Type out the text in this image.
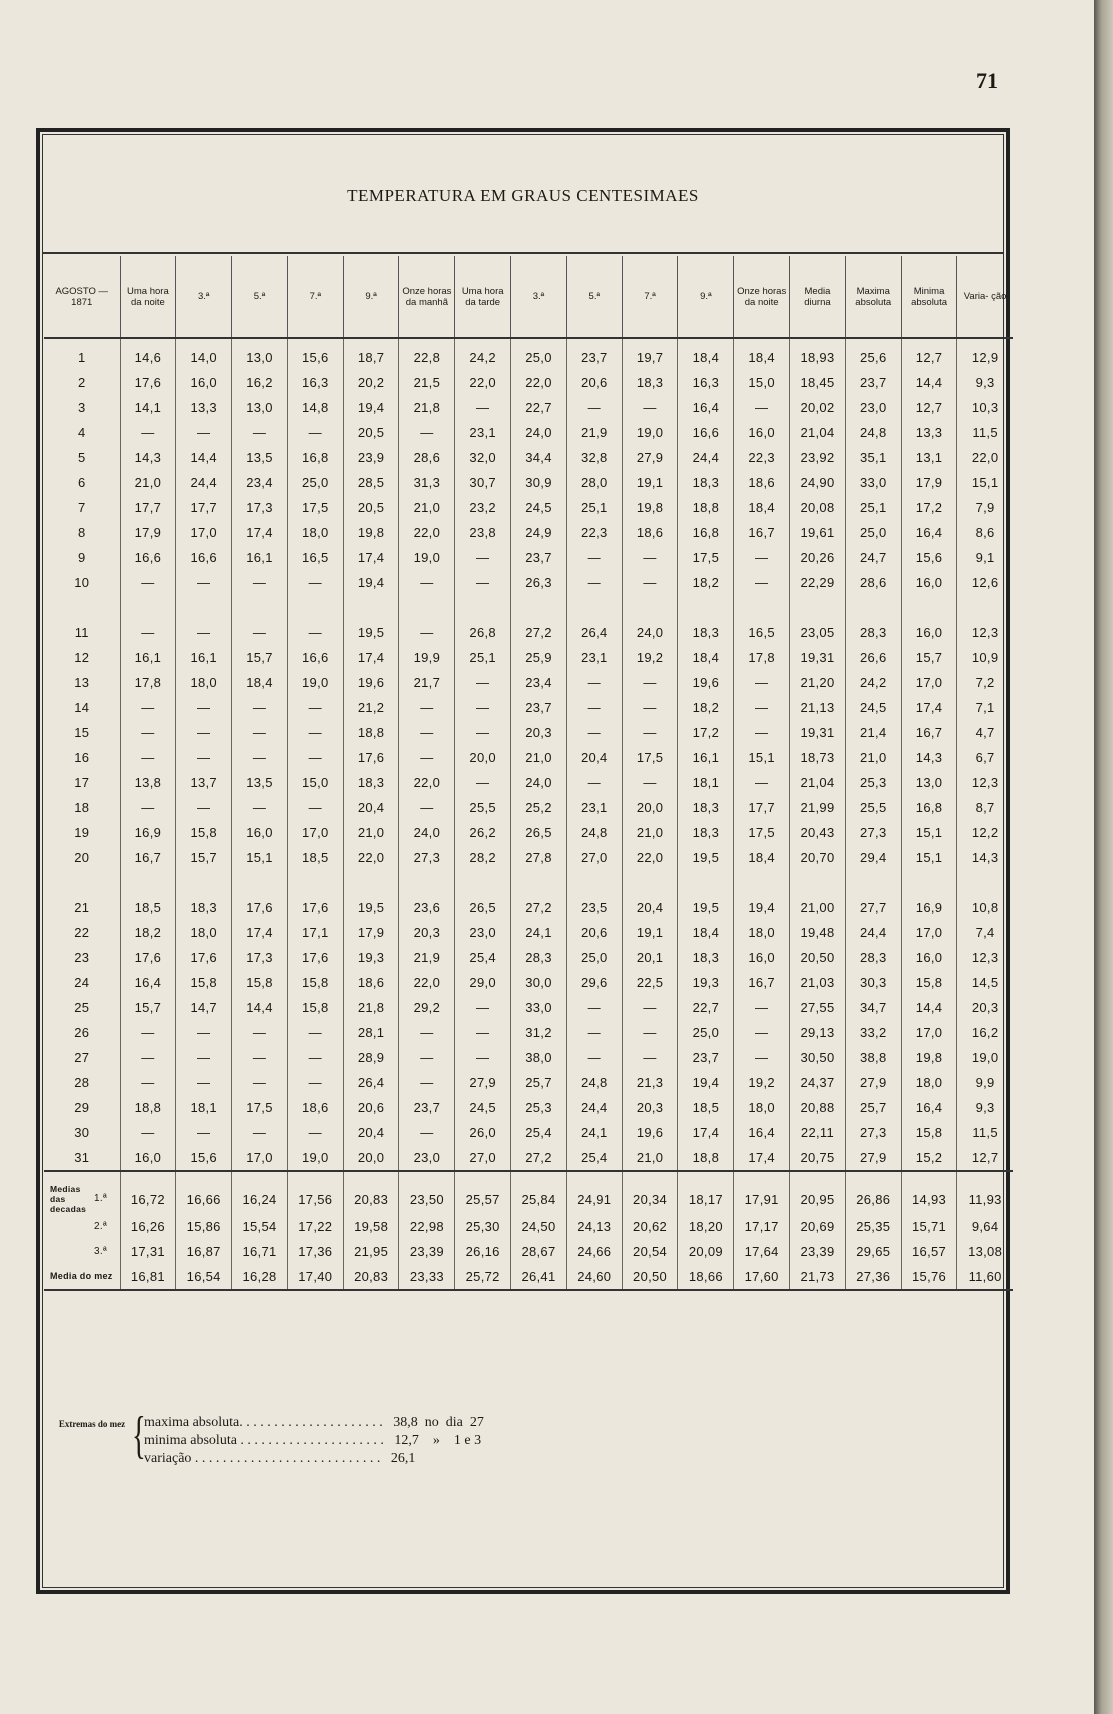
71
TEMPERATURA EM GRAUS CENTESIMAES
AGOSTO — 1871	Uma hora da noite	3.ª	5.ª	7.ª	9.ª	Onze horas da manhã	Uma hora da tarde	3.ª	5.ª	7.ª	9.ª	Onze horas da noite	Media diurna	Maxima absoluta	Minima absoluta	Varia- ção
1	14,6	14,0	13,0	15,6	18,7	22,8	24,2	25,0	23,7	19,7	18,4	18,4	18,93	25,6	12,7	12,9
2	17,6	16,0	16,2	16,3	20,2	21,5	22,0	22,0	20,6	18,3	16,3	15,0	18,45	23,7	14,4	9,3
3	14,1	13,3	13,0	14,8	19,4	21,8	—	22,7	—	—	16,4	—	20,02	23,0	12,7	10,3
4	—	—	—	—	20,5	—	23,1	24,0	21,9	19,0	16,6	16,0	21,04	24,8	13,3	11,5
5	14,3	14,4	13,5	16,8	23,9	28,6	32,0	34,4	32,8	27,9	24,4	22,3	23,92	35,1	13,1	22,0
6	21,0	24,4	23,4	25,0	28,5	31,3	30,7	30,9	28,0	19,1	18,3	18,6	24,90	33,0	17,9	15,1
7	17,7	17,7	17,3	17,5	20,5	21,0	23,2	24,5	25,1	19,8	18,8	18,4	20,08	25,1	17,2	7,9
8	17,9	17,0	17,4	18,0	19,8	22,0	23,8	24,9	22,3	18,6	16,8	16,7	19,61	25,0	16,4	8,6
9	16,6	16,6	16,1	16,5	17,4	19,0	—	23,7	—	—	17,5	—	20,26	24,7	15,6	9,1
10	—	—	—	—	19,4	—	—	26,3	—	—	18,2	—	22,29	28,6	16,0	12,6

11	—	—	—	—	19,5	—	26,8	27,2	26,4	24,0	18,3	16,5	23,05	28,3	16,0	12,3
12	16,1	16,1	15,7	16,6	17,4	19,9	25,1	25,9	23,1	19,2	18,4	17,8	19,31	26,6	15,7	10,9
13	17,8	18,0	18,4	19,0	19,6	21,7	—	23,4	—	—	19,6	—	21,20	24,2	17,0	7,2
14	—	—	—	—	21,2	—	—	23,7	—	—	18,2	—	21,13	24,5	17,4	7,1
15	—	—	—	—	18,8	—	—	20,3	—	—	17,2	—	19,31	21,4	16,7	4,7
16	—	—	—	—	17,6	—	20,0	21,0	20,4	17,5	16,1	15,1	18,73	21,0	14,3	6,7
17	13,8	13,7	13,5	15,0	18,3	22,0	—	24,0	—	—	18,1	—	21,04	25,3	13,0	12,3
18	—	—	—	—	20,4	—	25,5	25,2	23,1	20,0	18,3	17,7	21,99	25,5	16,8	8,7
19	16,9	15,8	16,0	17,0	21,0	24,0	26,2	26,5	24,8	21,0	18,3	17,5	20,43	27,3	15,1	12,2
20	16,7	15,7	15,1	18,5	22,0	27,3	28,2	27,8	27,0	22,0	19,5	18,4	20,70	29,4	15,1	14,3

21	18,5	18,3	17,6	17,6	19,5	23,6	26,5	27,2	23,5	20,4	19,5	19,4	21,00	27,7	16,9	10,8
22	18,2	18,0	17,4	17,1	17,9	20,3	23,0	24,1	20,6	19,1	18,4	18,0	19,48	24,4	17,0	7,4
23	17,6	17,6	17,3	17,6	19,3	21,9	25,4	28,3	25,0	20,1	18,3	16,0	20,50	28,3	16,0	12,3
24	16,4	15,8	15,8	15,8	18,6	22,0	29,0	30,0	29,6	22,5	19,3	16,7	21,03	30,3	15,8	14,5
25	15,7	14,7	14,4	15,8	21,8	29,2	—	33,0	—	—	22,7	—	27,55	34,7	14,4	20,3
26	—	—	—	—	28,1	—	—	31,2	—	—	25,0	—	29,13	33,2	17,0	16,2
27	—	—	—	—	28,9	—	—	38,0	—	—	23,7	—	30,50	38,8	19,8	19,0
28	—	—	—	—	26,4	—	27,9	25,7	24,8	21,3	19,4	19,2	24,37	27,9	18,0	9,9
29	18,8	18,1	17,5	18,6	20,6	23,7	24,5	25,3	24,4	20,3	18,5	18,0	20,88	25,7	16,4	9,3
30	—	—	—	—	20,4	—	26,0	25,4	24,1	19,6	17,4	16,4	22,11	27,3	15,8	11,5
31	16,0	15,6	17,0	19,0	20,0	23,0	27,0	27,2	25,4	21,0	18,8	17,4	20,75	27,9	15,2	12,7
Medias das decadas1.ª	16,72	16,66	16,24	17,56	20,83	23,50	25,57	25,84	24,91	20,34	18,17	17,91	20,95	26,86	14,93	11,93
2.ª	16,26	15,86	15,54	17,22	19,58	22,98	25,30	24,50	24,13	20,62	18,20	17,17	20,69	25,35	15,71	9,64
3.ª	17,31	16,87	16,71	17,36	21,95	23,39	26,16	28,67	24,66	20,54	20,09	17,64	23,39	29,65	16,57	13,08
Media do mez	16,81	16,54	16,28	17,40	20,83	23,33	25,72	26,41	24,60	20,50	18,66	17,60	21,73	27,36	15,76	11,60
Extremas do mez {
maxima absoluta. . . . . . . . . . . . . . . . . . . . .   38,8  no  dia  27
minima absoluta . . . . . . . . . . . . . . . . . . . . .   12,7    »    1 e 3
variação . . . . . . . . . . . . . . . . . . . . . . . . . . .   26,1
